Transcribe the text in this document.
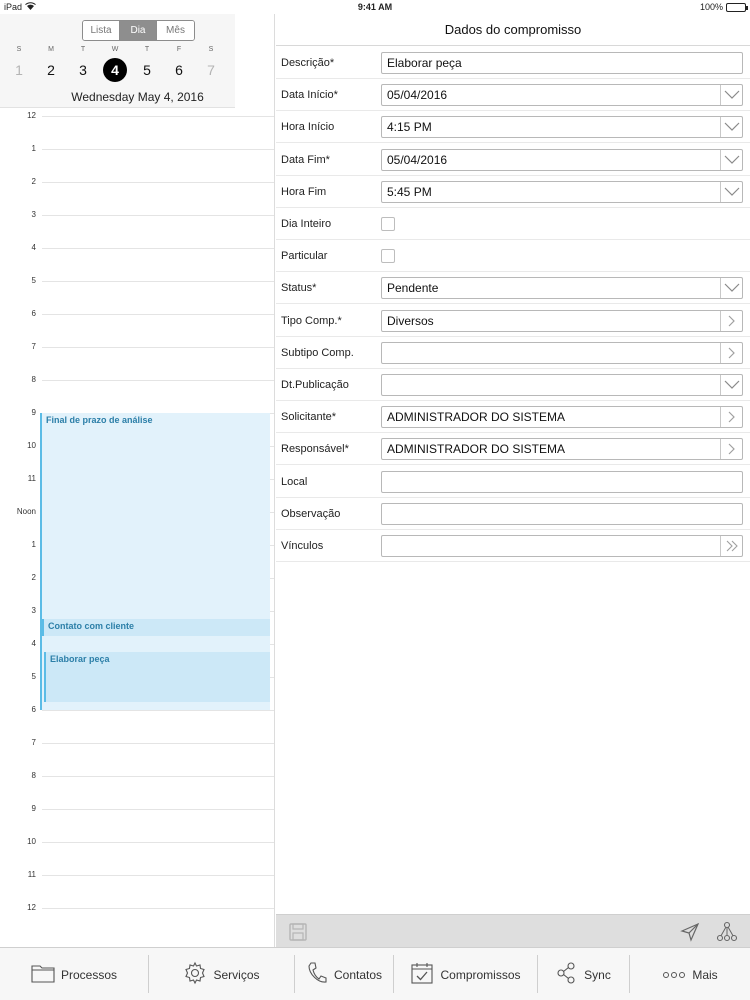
iPad	9:41 AM	100%
Lista	Dia	Mês
S
1
M
2
T
3
W
4
T
5
F
6
S
7
Wednesday May 4, 2016
12
1
2
3
4
5
6
7
8
9
10
11
Noon
1
2
3
4
5
6
7
8
9
10
11
12
Final de prazo de análise
Contato com cliente
Elaborar peça
Dados do compromisso
Descrição*	Elaborar peça
Data Início*	05/04/2016
Hora Início	4:15 PM
Data Fim*	05/04/2016
Hora Fim	5:45 PM
Dia Inteiro
Particular
Status*	Pendente
Tipo Comp.*	Diversos
Subtipo Comp.
Dt.Publicação
Solicitante*	ADMINISTRADOR DO SISTEMA
Responsável*	ADMINISTRADOR DO SISTEMA
Local
Observação
Vínculos
Processos	Serviços	Contatos	Compromissos	Sync	Mais
